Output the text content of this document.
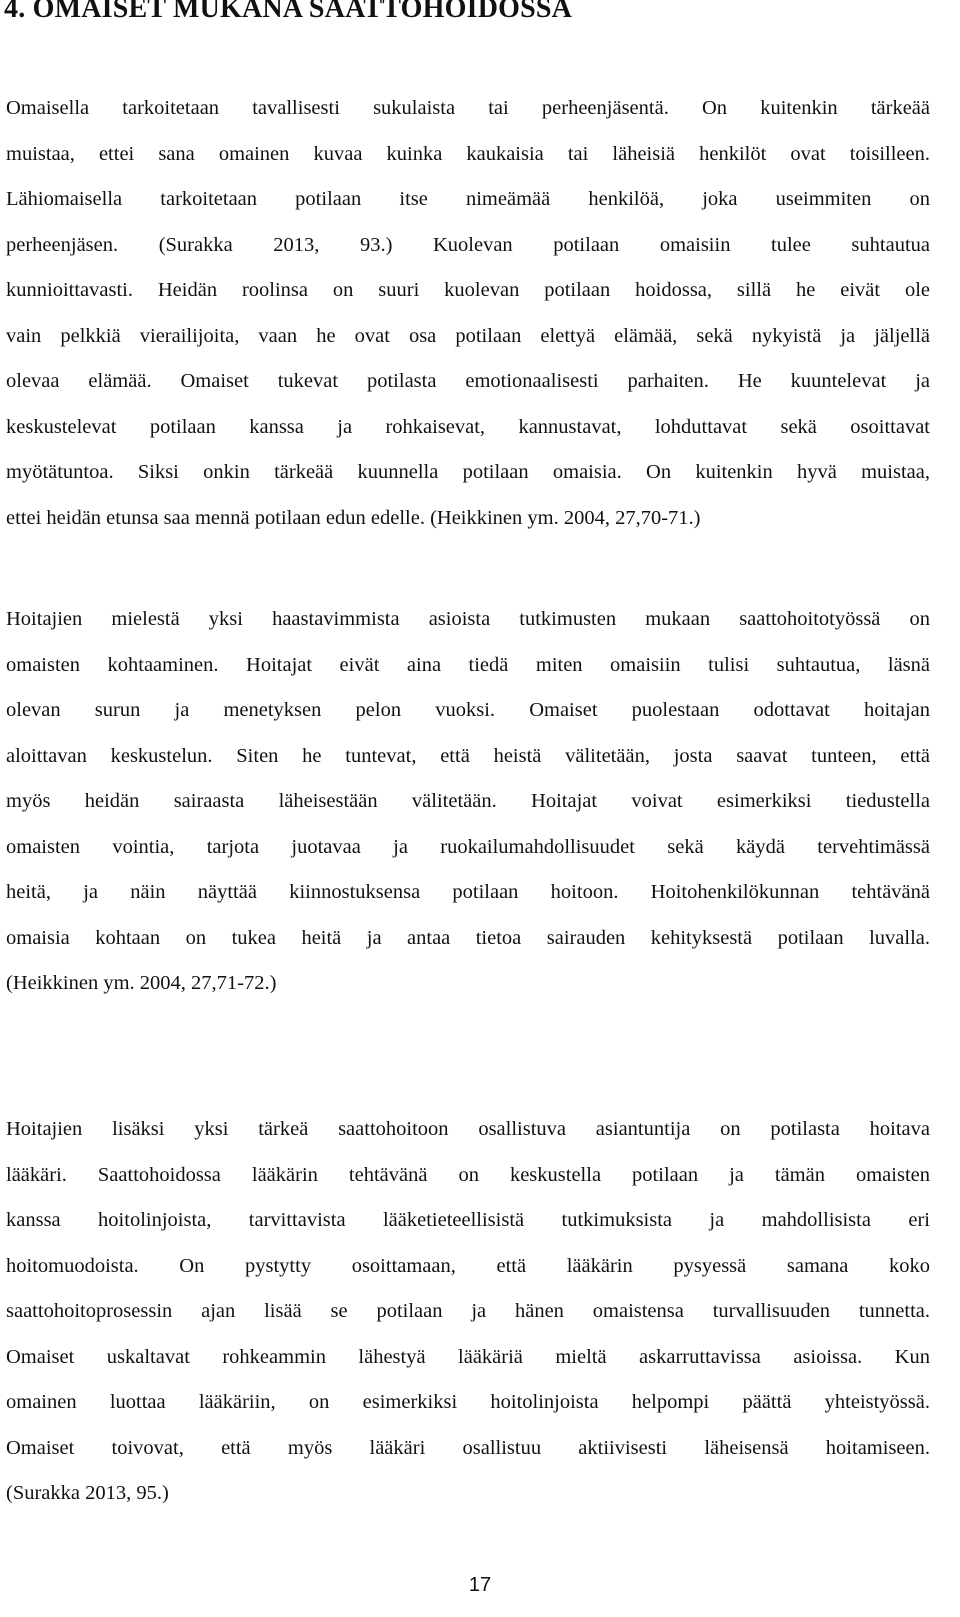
4. OMAISET MUKANA SAATTOHOIDOSSA
Omaisella tarkoitetaan tavallisesti sukulaista tai perheenjäsentä. On kuitenkin tärkeää
muistaa, ettei sana omainen kuvaa kuinka kaukaisia tai läheisiä henkilöt ovat toisilleen.
Lähiomaisella tarkoitetaan potilaan itse nimeämää henkilöä, joka useimmiten on
perheenjäsen. (Surakka 2013, 93.) Kuolevan potilaan omaisiin tulee suhtautua
kunnioittavasti. Heidän roolinsa on suuri kuolevan potilaan hoidossa, sillä he eivät ole
vain pelkkiä vierailijoita, vaan he ovat osa potilaan elettyä elämää, sekä nykyistä ja jäljellä
olevaa elämää. Omaiset tukevat potilasta emotionaalisesti parhaiten. He kuuntelevat ja
keskustelevat potilaan kanssa ja rohkaisevat, kannustavat, lohduttavat sekä osoittavat
myötätuntoa. Siksi onkin tärkeää kuunnella potilaan omaisia. On kuitenkin hyvä muistaa,
ettei heidän etunsa saa mennä potilaan edun edelle. (Heikkinen ym. 2004, 27,70-71.)
Hoitajien mielestä yksi haastavimmista asioista tutkimusten mukaan saattohoitotyössä on
omaisten kohtaaminen. Hoitajat eivät aina tiedä miten omaisiin tulisi suhtautua, läsnä
olevan surun ja menetyksen pelon vuoksi. Omaiset puolestaan odottavat hoitajan
aloittavan keskustelun. Siten he tuntevat, että heistä välitetään, josta saavat tunteen, että
myös heidän sairaasta läheisestään välitetään. Hoitajat voivat esimerkiksi tiedustella
omaisten vointia, tarjota juotavaa ja ruokailumahdollisuudet sekä käydä tervehtimässä
heitä, ja näin näyttää kiinnostuksensa potilaan hoitoon. Hoitohenkilökunnan tehtävänä
omaisia kohtaan on tukea heitä ja antaa tietoa sairauden kehityksestä potilaan luvalla.
(Heikkinen ym. 2004, 27,71-72.)
Hoitajien lisäksi yksi tärkeä saattohoitoon osallistuva asiantuntija on potilasta hoitava
lääkäri. Saattohoidossa lääkärin tehtävänä on keskustella potilaan ja tämän omaisten
kanssa hoitolinjoista, tarvittavista lääketieteellisistä tutkimuksista ja mahdollisista eri
hoitomuodoista. On pystytty osoittamaan, että lääkärin pysyessä samana koko
saattohoitoprosessin ajan lisää se potilaan ja hänen omaistensa turvallisuuden tunnetta.
Omaiset uskaltavat rohkeammin lähestyä lääkäriä mieltä askarruttavissa asioissa. Kun
omainen luottaa lääkäriin, on esimerkiksi hoitolinjoista helpompi päättä yhteistyössä.
Omaiset toivovat, että myös lääkäri osallistuu aktiivisesti läheisensä hoitamiseen.
(Surakka 2013, 95.)
17
